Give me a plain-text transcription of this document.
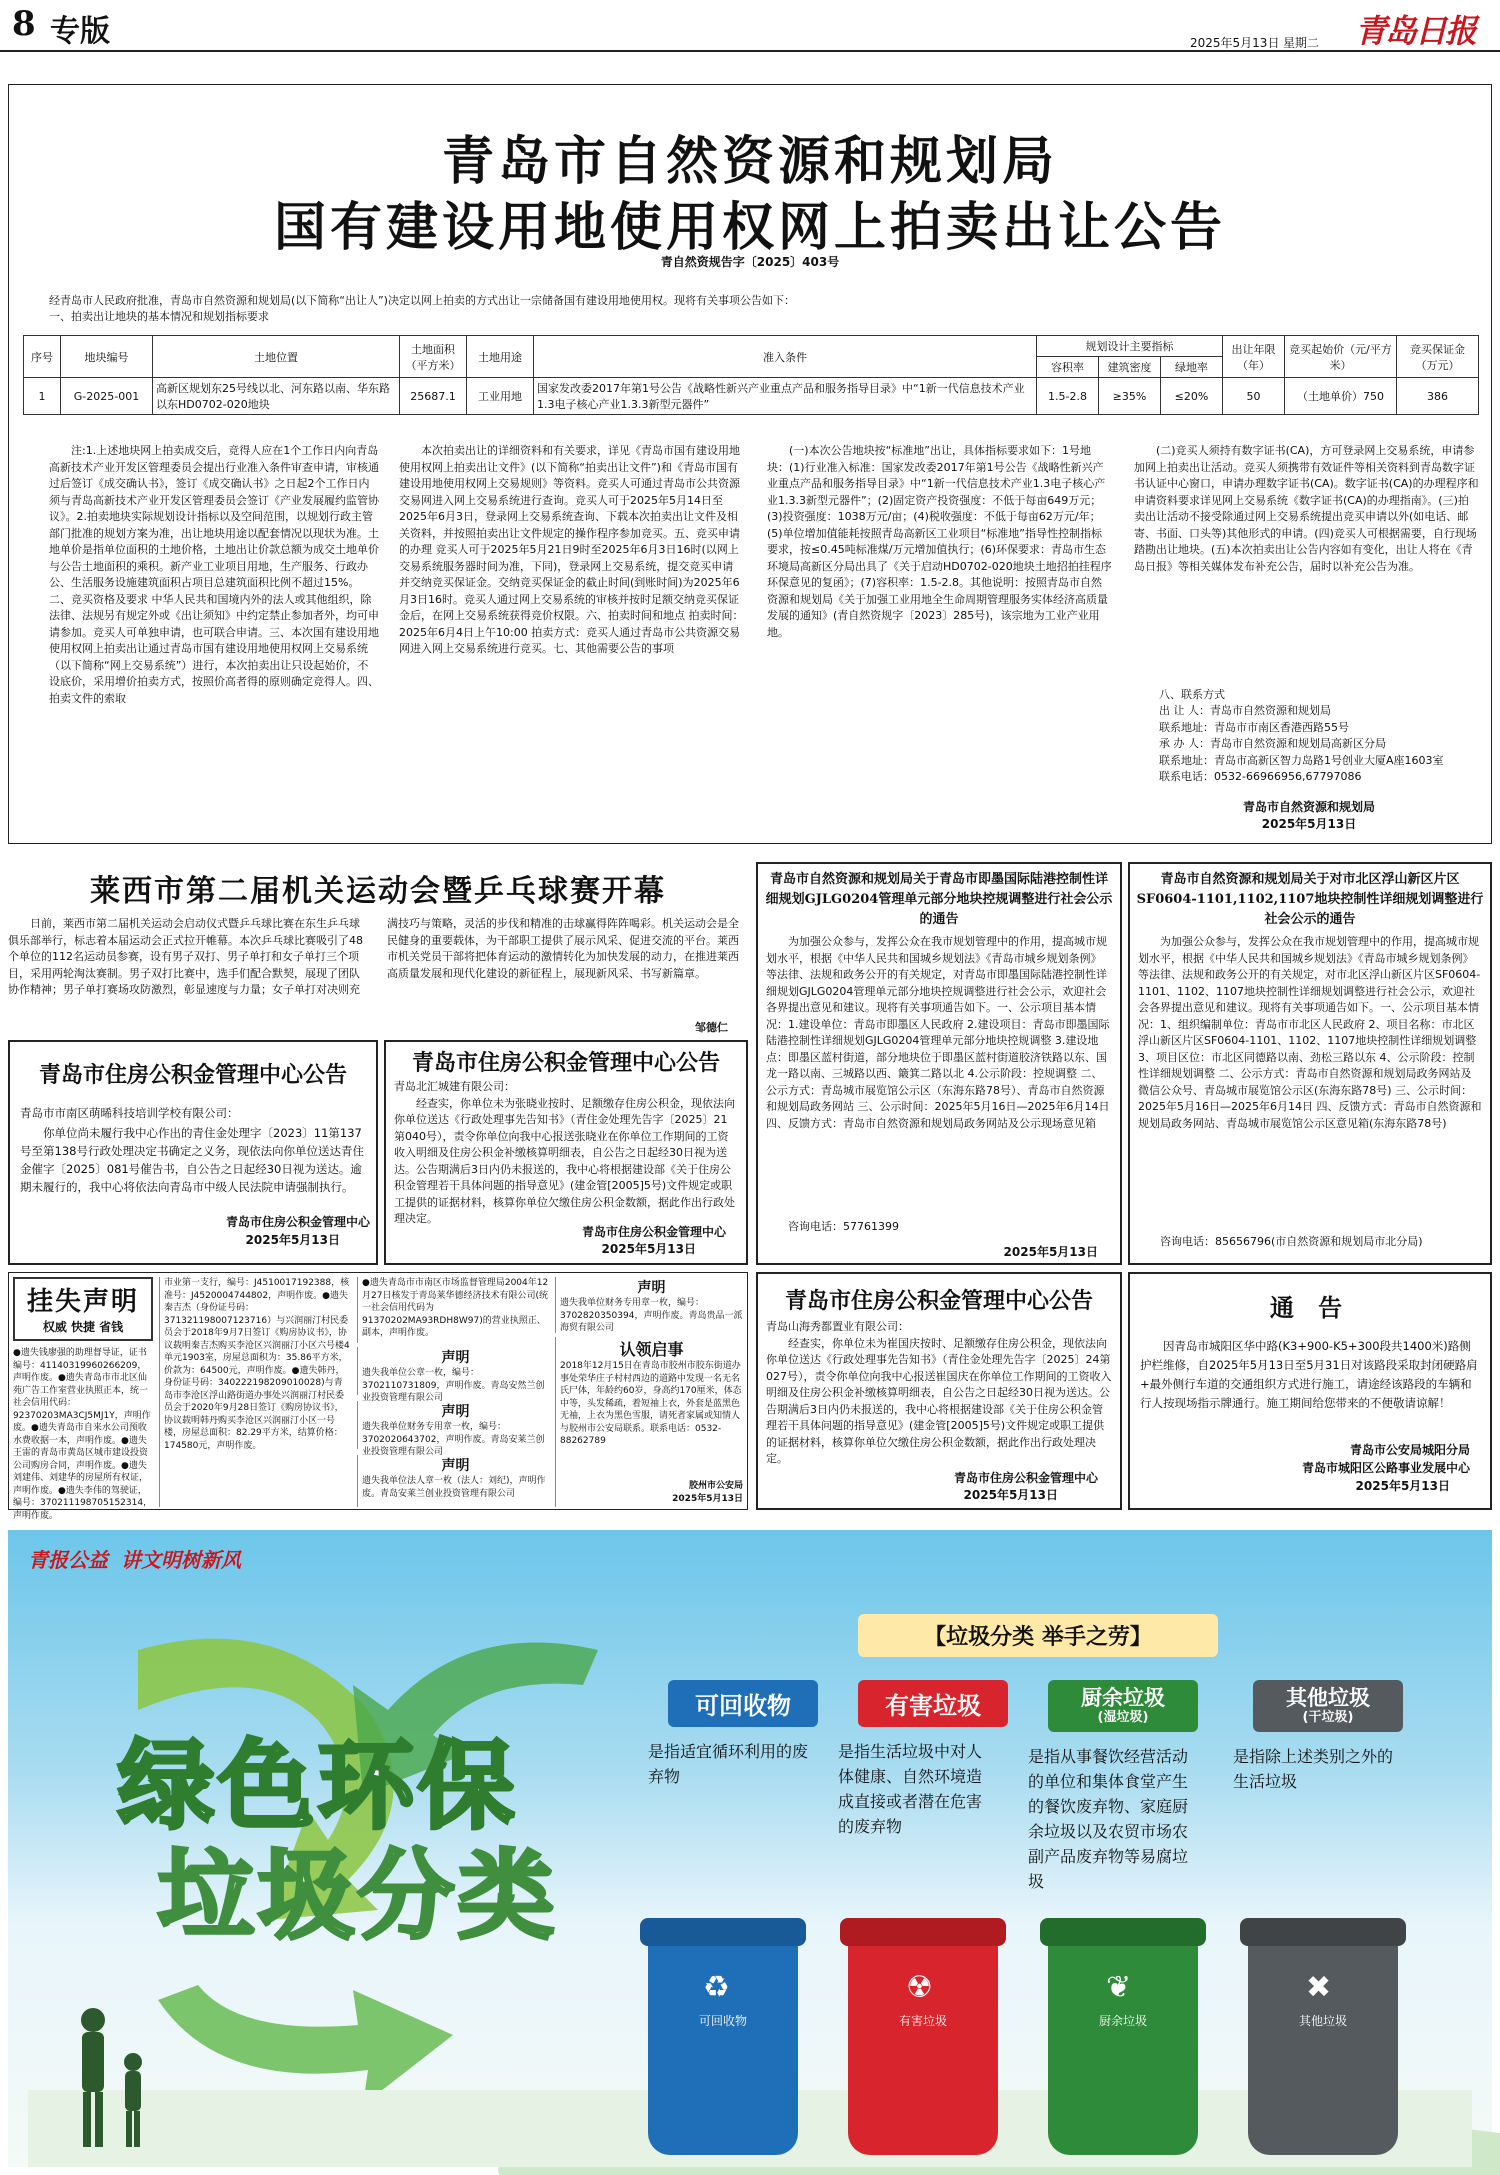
8 专版	2025年5月13日 星期二 青岛日报
青岛市自然资源和规划局
国有建设用地使用权网上拍卖出让公告
青自然资规告字〔2025〕403号
经青岛市人民政府批准，青岛市自然资源和规划局(以下简称“出让人”)决定以网上拍卖的方式出让一宗储备国有建设用地使用权。现将有关事项公告如下：
一、拍卖出让地块的基本情况和规划指标要求
序号	地块编号	土地位置	土地面积（平方米）	土地用途	准入条件	规划设计主要指标			出让年限（年）	竞买起始价（元/平方米）	竞买保证金（万元）
						容积率	建筑密度	绿地率			
1	G-2025-001	高新区规划东25号线以北、河东路以南、华东路以东HD0702-020地块	25687.1	工业用地	国家发改委2017年第1号公告《战略性新兴产业重点产品和服务指导目录》中“1新一代信息技术产业1.3电子核心产业1.3.3新型元器件”	1.5-2.8	≥35%	≤20%	50	（土地单价）750	386
注:1.上述地块网上拍卖成交后，竞得人应在1个工作日内向青岛高新技术产业开发区管理委员会提出行业准入条件审查申请，审核通过后签订《成交确认书》，签订《成交确认书》之日起2个工作日内须与青岛高新技术产业开发区管理委员会签订《产业发展履约监管协议》。2.拍卖地块实际规划设计指标以及空间范围，以规划行政主管部门批准的规划方案为准，出让地块用途以配套情况以现状为准。土地单价是指单位面积的土地价格，土地出让价款总额为成交土地单价与公告土地面积的乘积。新产业工业项目用地，生产服务、行政办公、生活服务设施建筑面积占项目总建筑面积比例不超过15%。二、竞买资格及要求 中华人民共和国境内外的法人或其他组织，除法律、法规另有规定外或《出让须知》中约定禁止参加者外，均可申请参加。竞买人可单独申请，也可联合申请。三、本次国有建设用地使用权网上拍卖出让通过青岛市国有建设用地使用权网上交易系统（以下简称“网上交易系统”）进行，本次拍卖出让只设起始价，不设底价，采用增价拍卖方式，按照价高者得的原则确定竞得人。四、拍卖文件的索取
本次拍卖出让的详细资料和有关要求，详见《青岛市国有建设用地使用权网上拍卖出让文件》(以下简称“拍卖出让文件”)和《青岛市国有建设用地使用权网上交易规则》等资料。竞买人可通过青岛市公共资源交易网进入网上交易系统进行查询。竞买人可于2025年5月14日至2025年6月3日，登录网上交易系统查询、下载本次拍卖出让文件及相关资料，并按照拍卖出让文件规定的操作程序参加竞买。五、竞买申请的办理 竞买人可于2025年5月21日9时至2025年6月3日16时(以网上交易系统服务器时间为准，下同)，登录网上交易系统，提交竞买申请并交纳竞买保证金。交纳竞买保证金的截止时间(到账时间)为2025年6月3日16时。竞买人通过网上交易系统的审核并按时足额交纳竞买保证金后，在网上交易系统获得竞价权限。六、拍卖时间和地点 拍卖时间：2025年6月4日上午10:00 拍卖方式：竞买人通过青岛市公共资源交易网进入网上交易系统进行竞买。七、其他需要公告的事项
(一)本次公告地块按“标准地”出让，具体指标要求如下：1号地块：(1)行业准入标准：国家发改委2017年第1号公告《战略性新兴产业重点产品和服务指导目录》中“1新一代信息技术产业1.3电子核心产业1.3.3新型元器件”；(2)固定资产投资强度：不低于每亩649万元；(3)投资强度：1038万元/亩；(4)税收强度：不低于每亩62万元/年；(5)单位增加值能耗按照青岛高新区工业项目“标准地”指导性控制指标要求，按≤0.45吨标准煤/万元增加值执行；(6)环保要求：青岛市生态环境局高新区分局出具了《关于启动HD0702-020地块土地招拍挂程序环保意见的复函》；(7)容积率：1.5-2.8。其他说明：按照青岛市自然资源和规划局《关于加强工业用地全生命周期管理服务实体经济高质量发展的通知》(青自然资规字〔2023〕285号)，该宗地为工业产业用地。
(二)竞买人须持有数字证书(CA)，方可登录网上交易系统，申请参加网上拍卖出让活动。竞买人须携带有效证件等相关资料到青岛数字证书认证中心窗口，申请办理数字证书(CA)。数字证书(CA)的办理程序和申请资料要求详见网上交易系统《数字证书(CA)的办理指南》。(三)拍卖出让活动不接受除通过网上交易系统提出竞买申请以外(如电话、邮寄、书面、口头等)其他形式的申请。(四)竞买人可根据需要，自行现场踏勘出让地块。(五)本次拍卖出让公告内容如有变化，出让人将在《青岛日报》等相关媒体发布补充公告，届时以补充公告为准。
八、联系方式
出 让 人：青岛市自然资源和规划局
联系地址：青岛市市南区香港西路55号
承 办 人：青岛市自然资源和规划局高新区分局
联系地址：青岛市高新区智力岛路1号创业大厦A座1603室
联系电话：0532-66966956,67797086
青岛市自然资源和规划局
2025年5月13日
莱西市第二届机关运动会暨乒乓球赛开幕
日前，莱西市第二届机关运动会启动仪式暨乒乓球比赛在东生乒乓球俱乐部举行，标志着本届运动会正式拉开帷幕。本次乒乓球比赛吸引了48个单位的112名运动员参赛，设有男子双打、男子单打和女子单打三个项目，采用两轮淘汰赛制。男子双打比赛中，选手们配合默契，展现了团队协作精神；男子单打赛场攻防激烈，彰显速度与力量；女子单打对决则充满技巧与策略，灵活的步伐和精准的击球赢得阵阵喝彩。机关运动会是全民健身的重要载体，为干部职工提供了展示风采、促进交流的平台。莱西市机关党员干部将把体育运动的激情转化为加快发展的动力，在推进莱西高质量发展和现代化建设的新征程上，展现新风采、书写新篇章。
邹德仁
青岛市住房公积金管理中心公告
青岛市市南区萌晞科技培训学校有限公司：
你单位尚未履行我中心作出的青住金处理字〔2023〕11第137号至第138号行政处理决定书确定之义务，现依法向你单位送达青住金催字〔2025〕081号催告书，自公告之日起经30日视为送达。逾期未履行的，我中心将依法向青岛市中级人民法院申请强制执行。
青岛市住房公积金管理中心
2025年5月13日
青岛市住房公积金管理中心公告
青岛北汇城建有限公司：
经查实，你单位未为张晓业按时、足额缴存住房公积金，现依法向你单位送达《行政处理事先告知书》（青住金处理先告字〔2025〕21第040号），责令你单位向我中心报送张晓业在你单位工作期间的工资收入明细及住房公积金补缴核算明细表，自公告之日起经30日视为送达。公告期满后3日内仍未报送的，我中心将根据建设部《关于住房公积金管理若干具体问题的指导意见》(建金管[2005]5号)文件规定或职工提供的证据材料，核算你单位欠缴住房公积金数额，据此作出行政处理决定。
青岛市住房公积金管理中心
2025年5月13日
青岛市自然资源和规划局关于青岛市即墨国际陆港控制性详细规划GJLG0204管理单元部分地块控规调整进行社会公示的通告
为加强公众参与，发挥公众在我市规划管理中的作用，提高城市规划水平，根据《中华人民共和国城乡规划法》《青岛市城乡规划条例》等法律、法规和政务公开的有关规定，对青岛市即墨国际陆港控制性详细规划GJLG0204管理单元部分地块控规调整进行社会公示，欢迎社会各界提出意见和建议。现将有关事项通告如下。一、公示项目基本情况：1.建设单位：青岛市即墨区人民政府 2.建设项目：青岛市即墨国际陆港控制性详细规划GJLG0204管理单元部分地块控规调整 3.建设地点：即墨区蓝村街道，部分地块位于即墨区蓝村街道胶济铁路以东、国龙一路以南、三城路以西、簸箕二路以北 4.公示阶段：控规调整 二、公示方式：青岛城市展览馆公示区（东海东路78号）、青岛市自然资源和规划局政务网站 三、公示时间：2025年5月16日—2025年6月14日 四、反馈方式：青岛市自然资源和规划局政务网站及公示现场意见箱
咨询电话：57761399
2025年5月13日
青岛市自然资源和规划局关于对市北区浮山新区片区SF0604-1101,1102,1107地块控制性详细规划调整进行社会公示的通告
为加强公众参与，发挥公众在我市规划管理中的作用，提高城市规划水平，根据《中华人民共和国城乡规划法》《青岛市城乡规划条例》等法律、法规和政务公开的有关规定，对市北区浮山新区片区SF0604-1101、1102、1107地块控制性详细规划调整进行社会公示，欢迎社会各界提出意见和建议。现将有关事项通告如下。一、公示项目基本情况：1、组织编制单位：青岛市市北区人民政府 2、项目名称：市北区浮山新区片区SF0604-1101、1102、1107地块控制性详细规划调整 3、项目区位：市北区同德路以南、劲松三路以东 4、公示阶段：控制性详细规划调整 二、公示方式：青岛市自然资源和规划局政务网站及微信公众号、青岛城市展览馆公示区(东海东路78号) 三、公示时间：2025年5月16日—2025年6月14日 四、反馈方式：青岛市自然资源和规划局政务网站、青岛城市展览馆公示区意见箱(东海东路78号)
咨询电话：85656796(市自然资源和规划局市北分局)
挂失声明
权威 快捷 省钱
●遗失钱廖强的助理督导证，证书编号：41140319960266209，声明作废。●遗失青岛市市北区仙苑广告工作室营业执照正本，统一社会信用代码：92370203MA3CJ5MJ1Y，声明作废。●遗失青岛市自来水公司预收水费收据一本，声明作废。●遗失王雷的青岛市黄岛区城市建设投资公司购房合同，声明作废。●遗失刘建伟、刘建华的房屋所有权证，声明作废。●遗失李伟的驾驶证，编号：370211198705152314，声明作废。
市业第一支行，编号：J4510017192388，核准号：J4520004744802，声明作废。●遗失秦吉杰（身份证号码：371321198007123716）与兴润丽汀村民委员会于2018年9月7日签订《购房协议书》，协议载明秦吉杰购买李沧区兴润丽汀小区六号楼4单元1903室，房屋总面积为：35.86平方米，价款为：64500元，声明作废。●遗失韩丹，身份证号码：340222198209010028)与青岛市李沧区浮山路街道办事处兴润丽汀村民委员会于2020年9月28日签订《购房协议书》，协议载明韩丹购买李沧区兴润丽汀小区一号楼，房屋总面积：82.29平方米，结算价格：174580元，声明作废。
●遗失青岛市市南区市场监督管理局2004年12月27日核发于青岛莱华德经济技术有限公司(统一社会信用代码为91370202MA93RDH8W97)的营业执照正、副本，声明作废。
声明
遗失我单位公章一枚，编号：3702110731809，声明作废。青岛安然兰创业投资管理有限公司
声明
遗失我单位财务专用章一枚，编号：3702020643702，声明作废。青岛安莱兰创业投资管理有限公司
声明
遗失我单位法人章一枚（法人：刘纪)，声明作废。青岛安莱兰创业投资管理有限公司
声明
遗失我单位财务专用章一枚，编号：3702820350394，声明作废。青岛贵品一派海贸有限公司
认领启事
2018年12月15日在青岛市胶州市胶东街道办事处荣华庄子村村西边的道路中发现一名无名氏尸体，年龄约60岁，身高约170厘米，体态中等，头发稀疏，着短袖上衣，外套是蓝黑色无袖，上衣为黑色雪服，请死者家属或知情人与胶州市公安局联系。联系电话：0532-88262789
胶州市公安局
2025年5月13日
青岛市住房公积金管理中心公告
青岛山海秀都置业有限公司：
经查实，你单位未为崔国庆按时、足额缴存住房公积金，现依法向你单位送达《行政处理事先告知书》（青住金处理先告字〔2025〕24第027号），责令你单位向我中心报送崔国庆在你单位工作期间的工资收入明细及住房公积金补缴核算明细表，自公告之日起经30日视为送达。公告期满后3日内仍未报送的，我中心将根据建设部《关于住房公积金管理若干具体问题的指导意见》(建金管[2005]5号)文件规定或职工提供的证据材料，核算你单位欠缴住房公积金数额，据此作出行政处理决定。
青岛市住房公积金管理中心
2025年5月13日
通 告
因青岛市城阳区华中路(K3+900-K5+300段共1400米)路侧护栏维修，自2025年5月13日至5月31日对该路段采取封闭硬路肩+最外侧行车道的交通组织方式进行施工，请途经该路段的车辆和行人按现场指示牌通行。施工期间给您带来的不便敬请谅解！
青岛市公安局城阳分局
青岛市城阳区公路事业发展中心
2025年5月13日
青报公益 讲文明树新风
绿色环保
垃圾分类
【垃圾分类 举手之劳】
可回收物
是指适宜循环利用的废弃物
有害垃圾
是指生活垃圾中对人体健康、自然环境造成直接或者潜在危害的废弃物
厨余垃圾
(湿垃圾)
是指从事餐饮经营活动的单位和集体食堂产生的餐饮废弃物、家庭厨余垃圾以及农贸市场农副产品废弃物等易腐垃圾
其他垃圾
(干垃圾)
是指除上述类别之外的生活垃圾
♻
可回收物
☢
有害垃圾
❦
厨余垃圾
✖
其他垃圾
